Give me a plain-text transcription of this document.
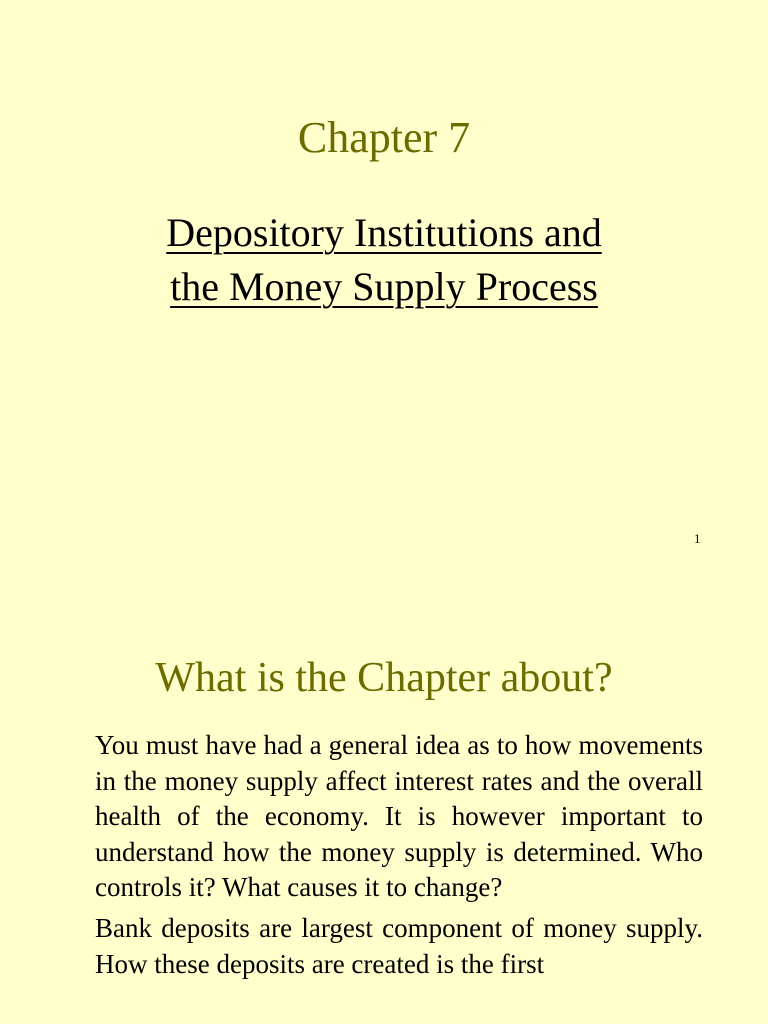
Chapter 7
Depository Institutions and
the Money Supply Process
1
What is the Chapter about?

You must have had a general idea as to how movements in the money supply affect interest rates and the overall health of the economy. It is however important to understand how the money supply is determined. Who controls it? What causes it to change?

Bank deposits are largest component of money supply. How these deposits are created is the first
